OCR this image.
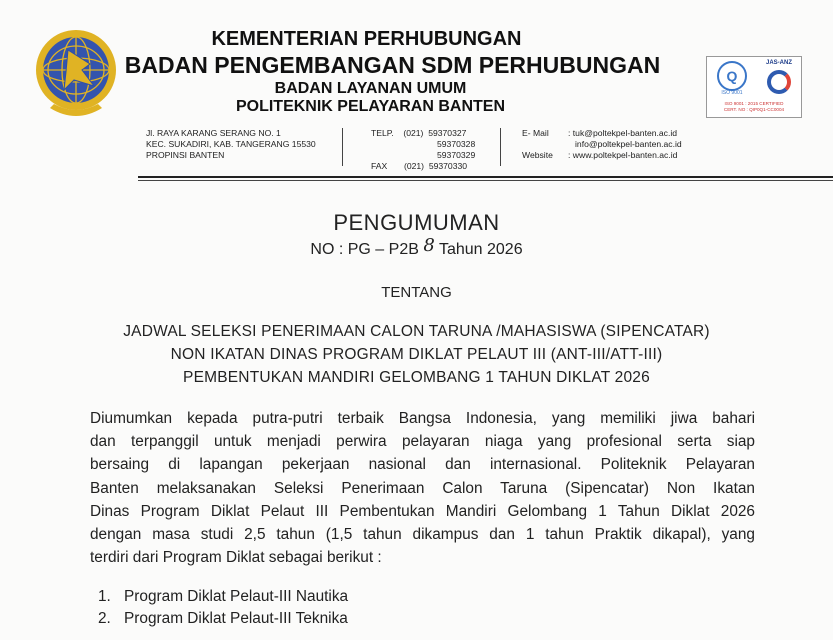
KEMENTERIAN PERHUBUNGAN
BADAN PENGEMBANGAN SDM PERHUBUNGAN
BADAN LAYANAN UMUM
POLITEKNIK PELAYARAN BANTEN
Jl. RAYA KARANG SERANG NO. 1
KEC. SUKADIRI, KAB. TANGERANG 15530
PROPINSI BANTEN
TELP. (021) 59370327
59370328
59370329
FAX (021) 59370330
E- Mail : tuk@poltekpel-banten.ac.id
info@poltekpel-banten.ac.id
Website : www.poltekpel-banten.ac.id
Q
ISO 9001
JAS-ANZ
ISO 9001 : 2015 CERTIFIED
CERT. NO : QIP0Q1-CC0004
PENGUMUMAN
NO : PG – P2B 8 Tahun 2026
TENTANG
JADWAL SELEKSI PENERIMAAN CALON TARUNA /MAHASISWA (SIPENCATAR)
NON IKATAN DINAS PROGRAM DIKLAT PELAUT III (ANT-III/ATT-III)
PEMBENTUKAN MANDIRI GELOMBANG 1 TAHUN DIKLAT 2026
Diumumkan kepada putra-putri terbaik Bangsa Indonesia, yang memiliki jiwa bahari
dan terpanggil untuk menjadi perwira pelayaran niaga yang profesional serta siap
bersaing di lapangan pekerjaan nasional dan internasional. Politeknik Pelayaran
Banten melaksanakan Seleksi Penerimaan Calon Taruna (Sipencatar) Non Ikatan
Dinas Program Diklat Pelaut III Pembentukan Mandiri Gelombang 1 Tahun Diklat 2026
dengan masa studi 2,5 tahun (1,5 tahun dikampus dan 1 tahun Praktik dikapal), yang
terdiri dari Program Diklat sebagai berikut :
1. Program Diklat Pelaut-III Nautika
2. Program Diklat Pelaut-III Teknika
